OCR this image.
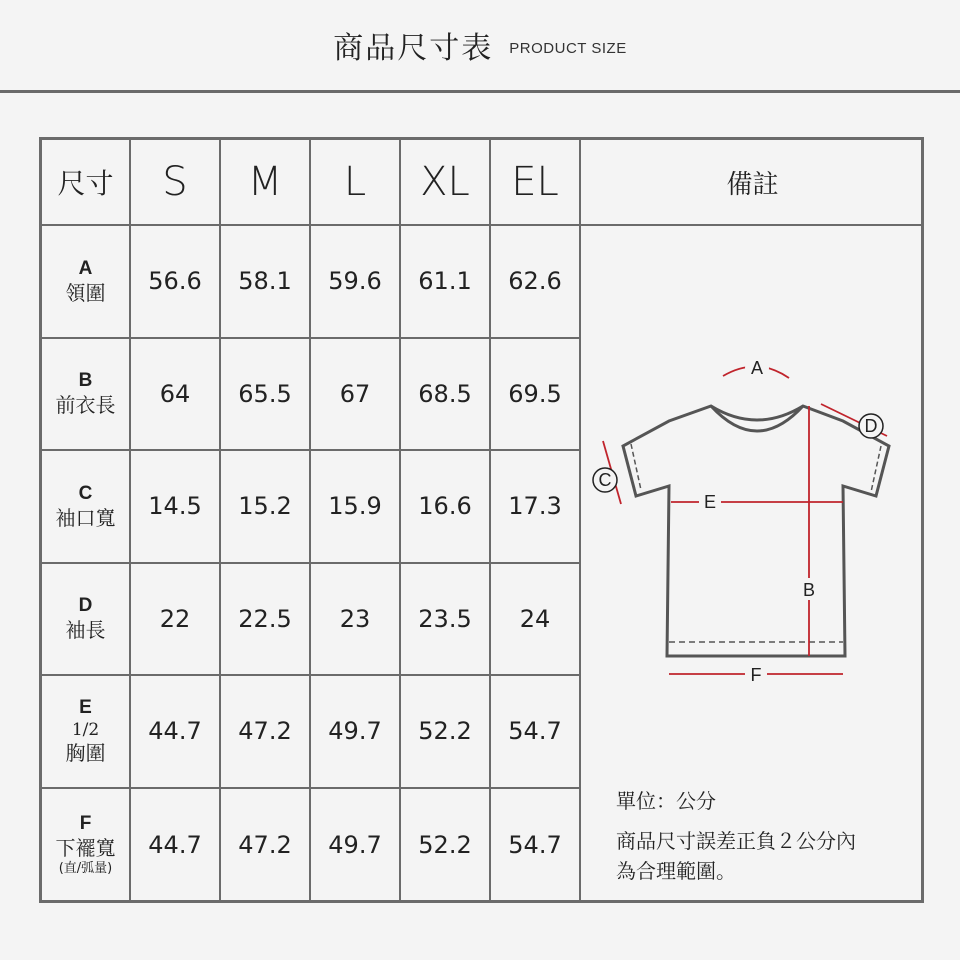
商品尺寸表 PRODUCT SIZE
尺寸	S	M	L	XL	EL	備註
A
領圍	56.6	58.1	59.6	61.1	62.6
B
前衣長	64	65.5	67	68.5	69.5
C
袖口寬	14.5	15.2	15.9	16.6	17.3
D
袖長	22	22.5	23	23.5	24
E
1/2
胸圍
44.7	47.2	49.7	52.2	54.7
F
下襬寬
(直/弧量)
44.7	47.2	49.7	52.2	54.7
A
D
C
E
B
F
單位：公分
商品尺寸誤差正負２公分內
為合理範圍。
